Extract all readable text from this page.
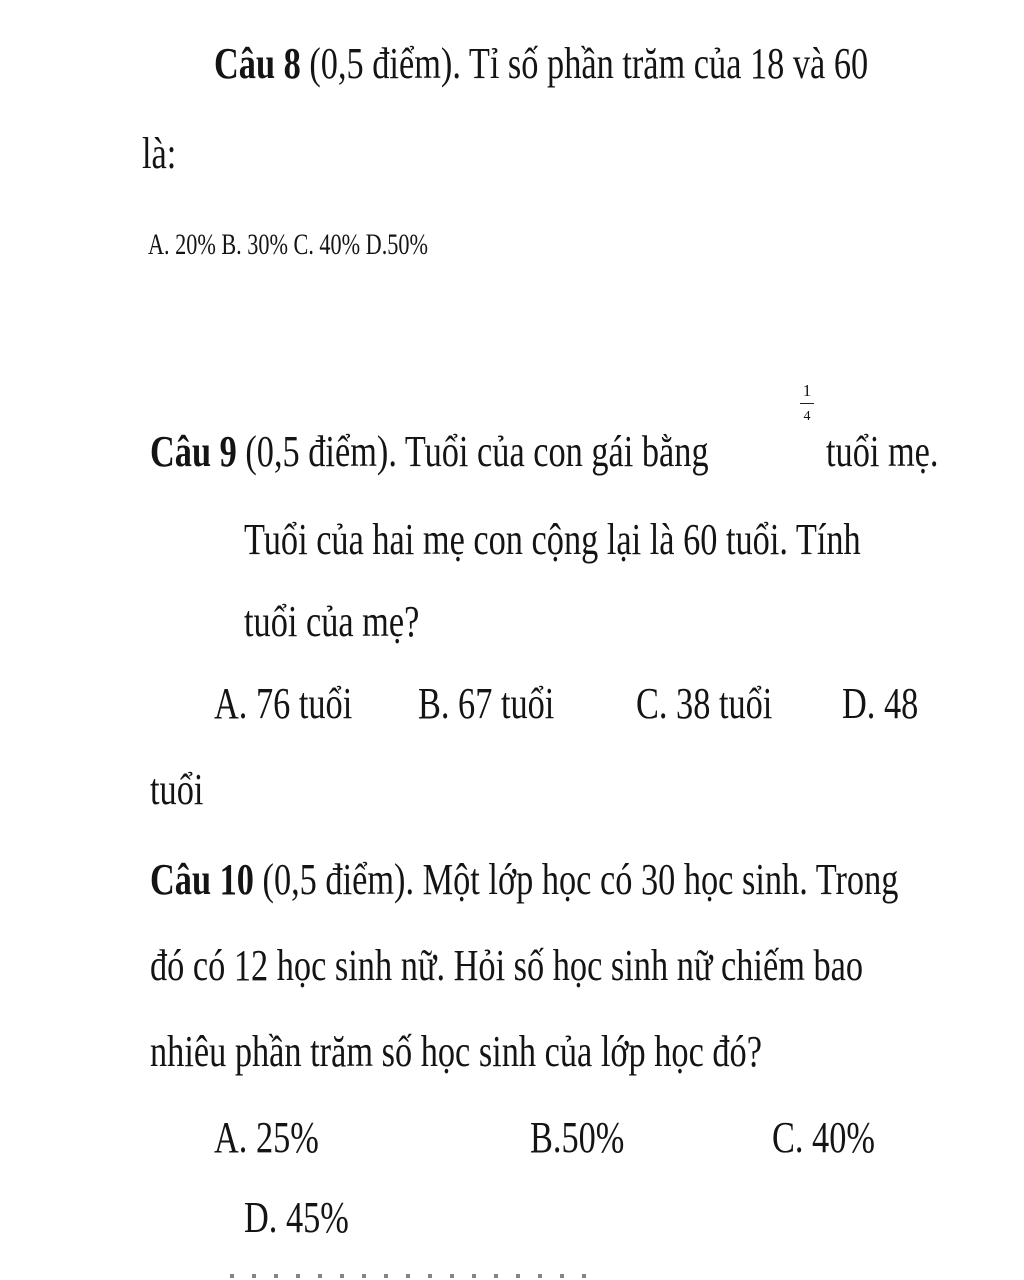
Câu 8 (0,5 điểm). Tỉ số phần trăm của 18 và 60
là:
A. 20% B. 30% C. 40% D.50%
Câu 9 (0,5 điểm). Tuổi của con gái bằng
1
4
tuổi mẹ.
Tuổi của hai mẹ con cộng lại là 60 tuổi. Tính
tuổi của mẹ?
A. 76 tuổi B. 67 tuổi C. 38 tuổi D. 48
tuổi
Câu 10 (0,5 điểm). Một lớp học có 30 học sinh. Trong
đó có 12 học sinh nữ. Hỏi số học sinh nữ chiếm bao
nhiêu phần trăm số học sinh của lớp học đó?
A. 25%	B.50%	C. 40%
D. 45%
